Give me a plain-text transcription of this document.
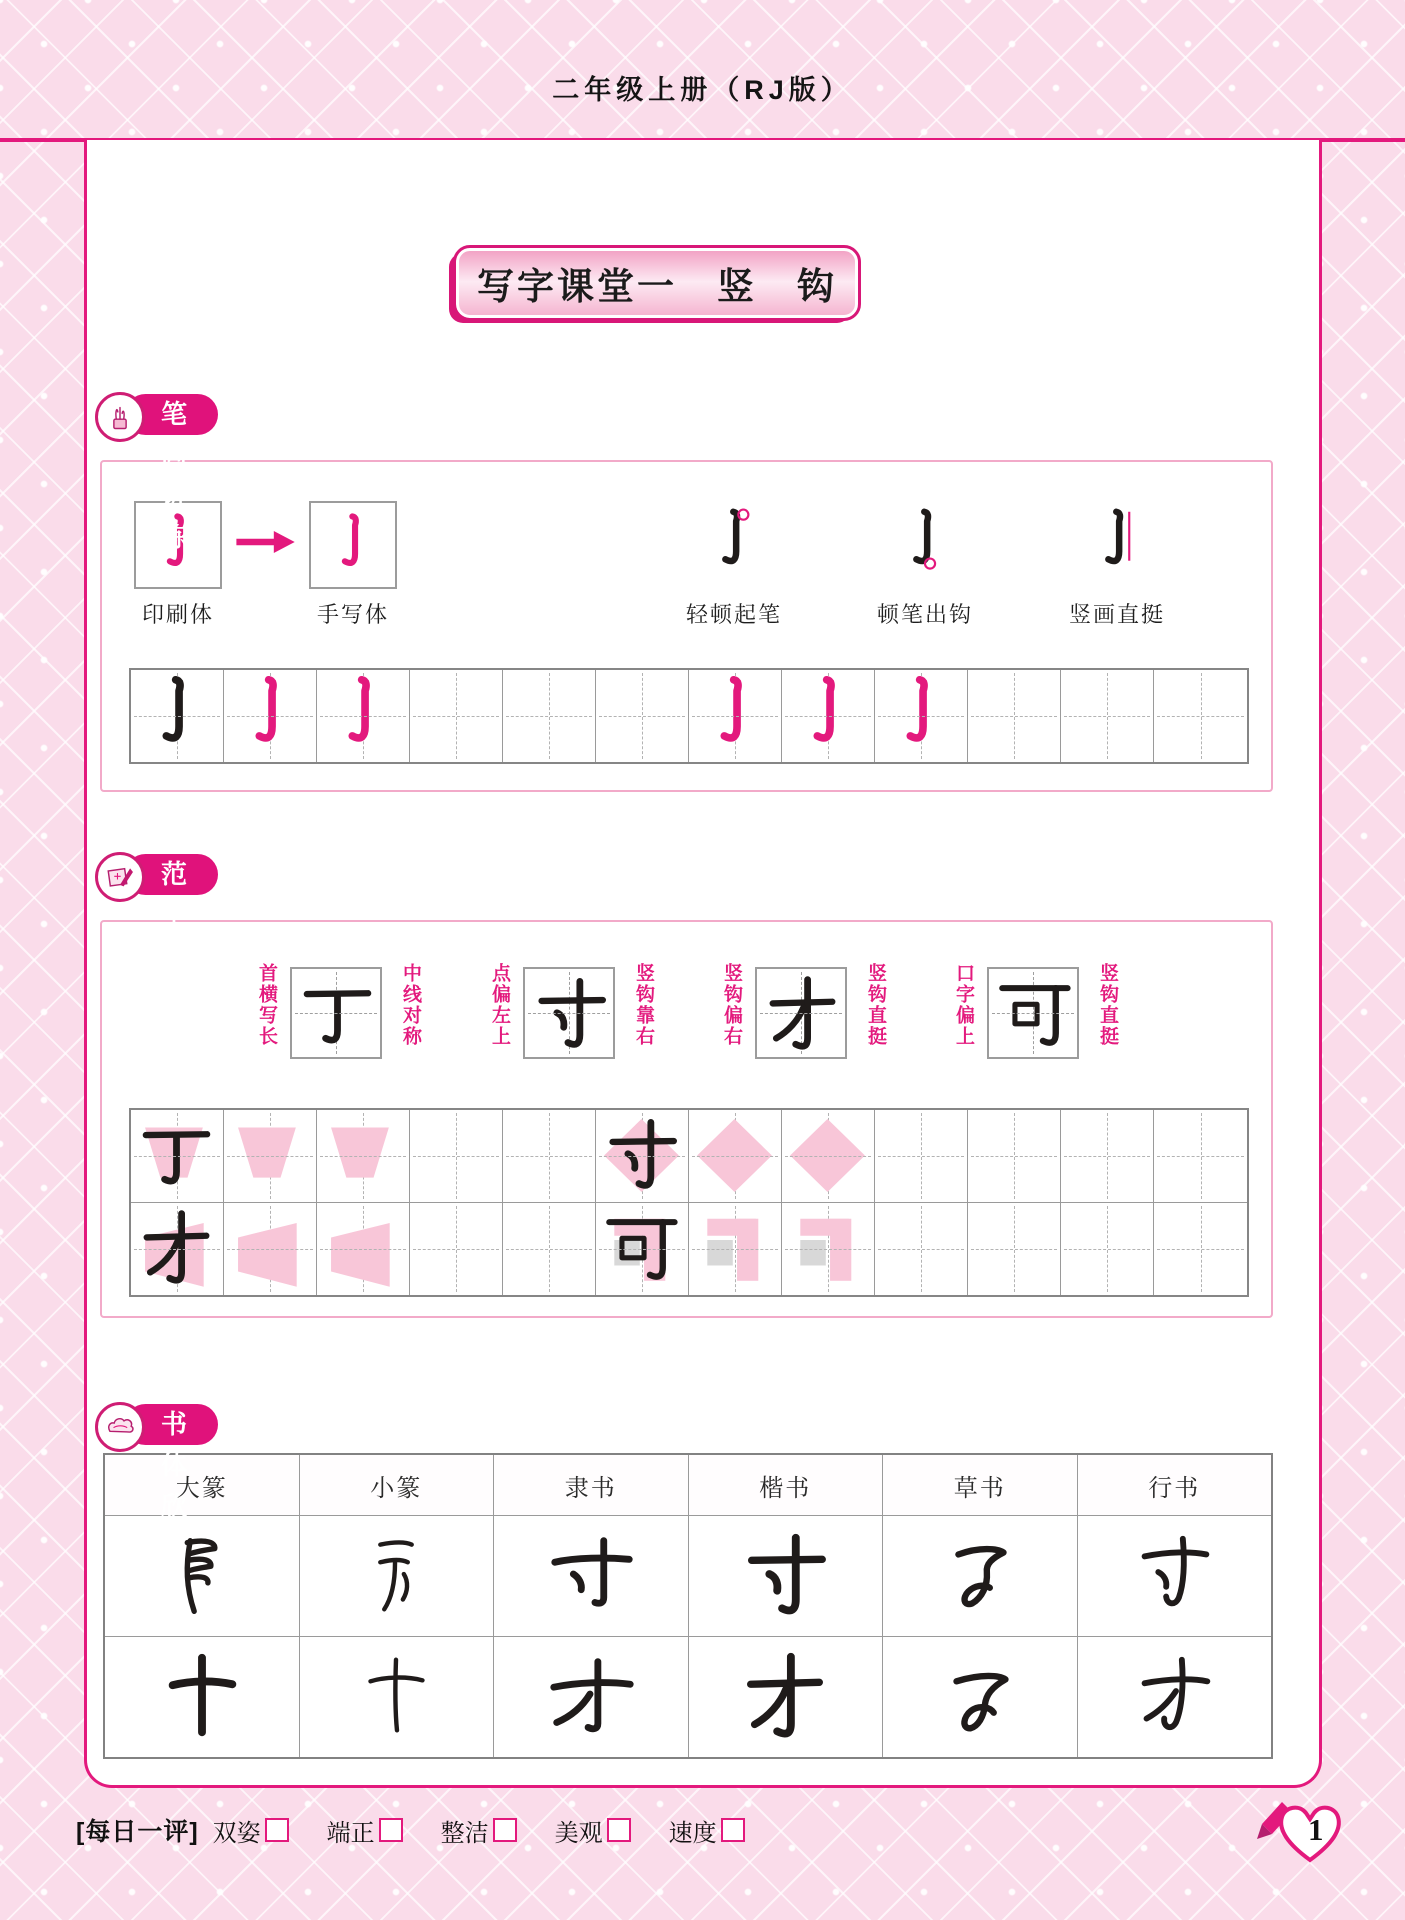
二年级上册（RJ版）
写字课堂一　竖　钩
笔画讲练
印刷体	手写体	轻顿起笔	顿笔出钩	竖画直挺
范字讲练	首横写长	中线对称	点偏左上	竖钩靠右	竖钩偏右	竖钩直挺	口字偏上	竖钩直挺
书体欣赏
大篆	小篆	隶书	楷书	草书	行书
[每日一评] 双姿	端正	整洁	美观	速度	1
